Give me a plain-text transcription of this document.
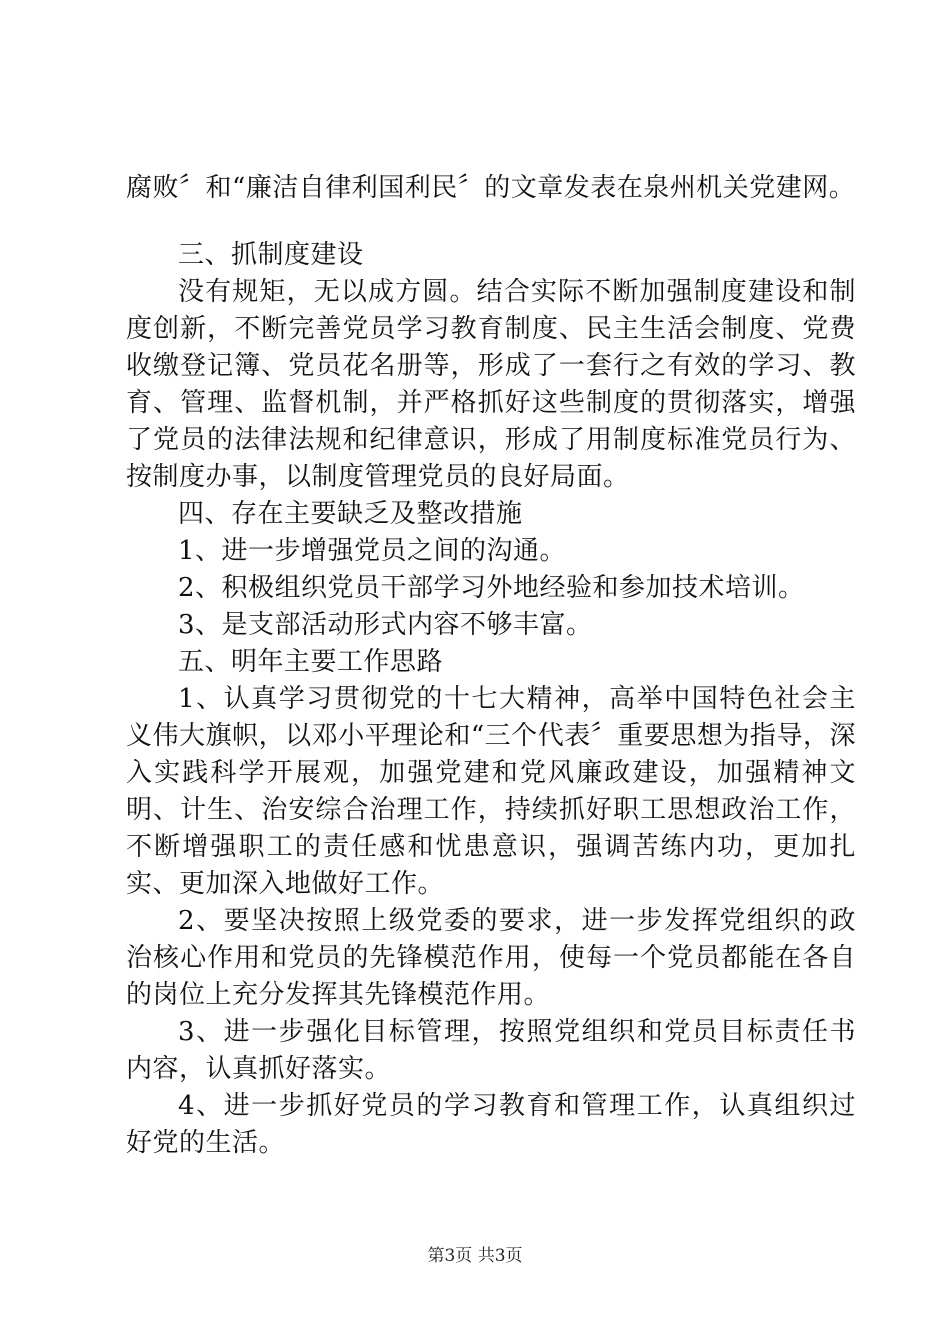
腐败〞和“廉洁自律利国利民〞的文章发表在泉州机关党建网。

三、抓制度建设

没有规矩，无以成方圆。结合实际不断加强制度建设和制度创新，不断完善党员学习教育制度、民主生活会制度、党费收缴登记簿、党员花名册等，形成了一套行之有效的学习、教育、管理、监督机制，并严格抓好这些制度的贯彻落实，增强了党员的法律法规和纪律意识，形成了用制度标准党员行为、按制度办事，以制度管理党员的良好局面。

四、存在主要缺乏及整改措施

1、进一步增强党员之间的沟通。

2、积极组织党员干部学习外地经验和参加技术培训。

3、是支部活动形式内容不够丰富。

五、明年主要工作思路

1、认真学习贯彻党的十七大精神，高举中国特色社会主义伟大旗帜，以邓小平理论和“三个代表〞重要思想为指导，深入实践科学开展观，加强党建和党风廉政建设，加强精神文明、计生、治安综合治理工作，持续抓好职工思想政治工作，不断增强职工的责任感和忧患意识，强调苦练内功，更加扎实、更加深入地做好工作。

2、要坚决按照上级党委的要求，进一步发挥党组织的政治核心作用和党员的先锋模范作用，使每一个党员都能在各自的岗位上充分发挥其先锋模范作用。

3、进一步强化目标管理，按照党组织和党员目标责任书内容，认真抓好落实。

4、进一步抓好党员的学习教育和管理工作，认真组织过好党的生活。

第3页 共3页
